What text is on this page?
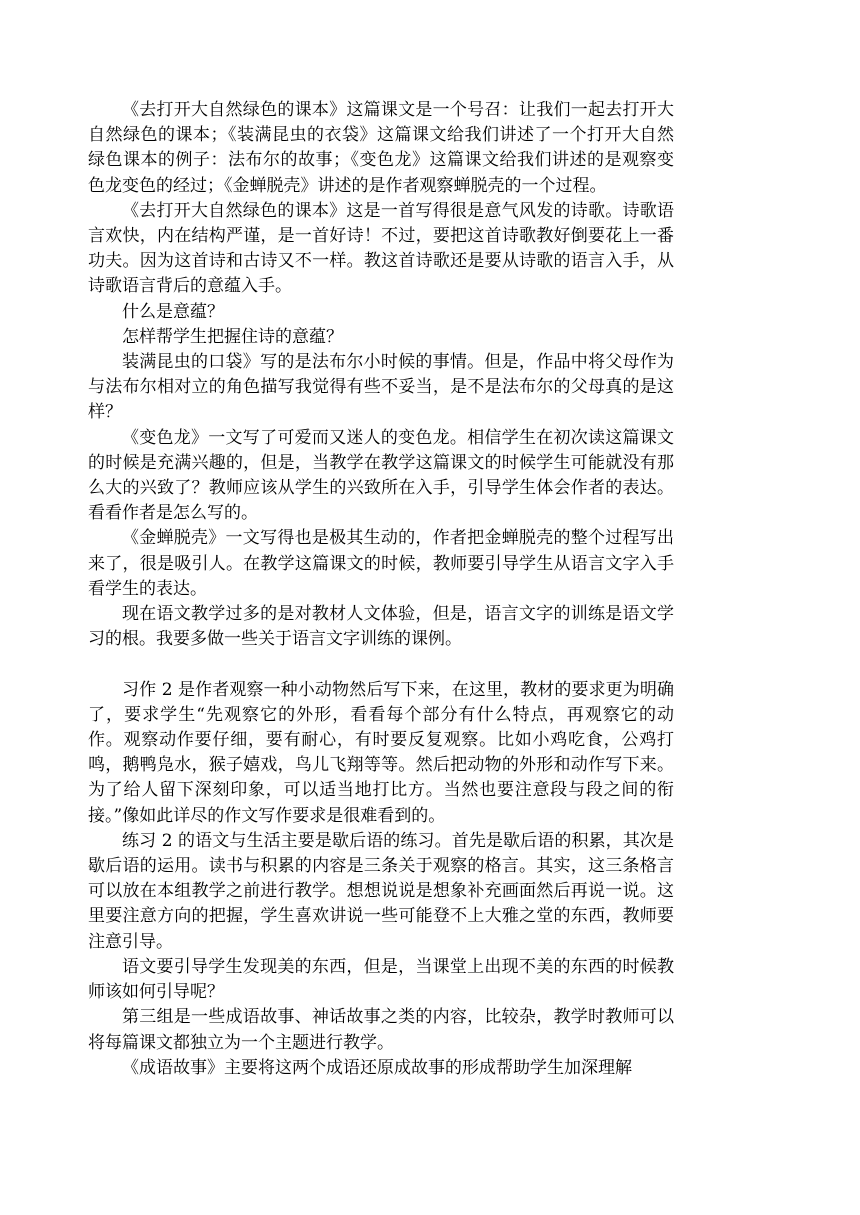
《去打开大自然绿色的课本》这篇课文是一个号召：让我们一起去打开大自然绿色的课本；《装满昆虫的衣袋》这篇课文给我们讲述了一个打开大自然绿色课本的例子：法布尔的故事；《变色龙》这篇课文给我们讲述的是观察变色龙变色的经过；《金蝉脱壳》讲述的是作者观察蝉脱壳的一个过程。

《去打开大自然绿色的课本》这是一首写得很是意气风发的诗歌。诗歌语言欢快，内在结构严谨，是一首好诗！不过，要把这首诗歌教好倒要花上一番功夫。因为这首诗和古诗又不一样。教这首诗歌还是要从诗歌的语言入手，从诗歌语言背后的意蕴入手。

什么是意蕴？

怎样帮学生把握住诗的意蕴？

装满昆虫的口袋》写的是法布尔小时候的事情。但是，作品中将父母作为与法布尔相对立的角色描写我觉得有些不妥当，是不是法布尔的父母真的是这样？

《变色龙》一文写了可爱而又迷人的变色龙。相信学生在初次读这篇课文的时候是充满兴趣的，但是，当教学在教学这篇课文的时候学生可能就没有那么大的兴致了？教师应该从学生的兴致所在入手，引导学生体会作者的表达。看看作者是怎么写的。

《金蝉脱壳》一文写得也是极其生动的，作者把金蝉脱壳的整个过程写出来了，很是吸引人。在教学这篇课文的时候，教师要引导学生从语言文字入手看学生的表达。

现在语文教学过多的是对教材人文体验，但是，语言文字的训练是语文学习的根。我要多做一些关于语言文字训练的课例。

习作 2 是作者观察一种小动物然后写下来，在这里，教材的要求更为明确了，要求学生“先观察它的外形，看看每个部分有什么特点，再观察它的动作。观察动作要仔细，要有耐心，有时要反复观察。比如小鸡吃食，公鸡打鸣，鹅鸭凫水，猴子嬉戏，鸟儿飞翔等等。然后把动物的外形和动作写下来。为了给人留下深刻印象，可以适当地打比方。当然也要注意段与段之间的衔接。”像如此详尽的作文写作要求是很难看到的。

练习 2 的语文与生活主要是歇后语的练习。首先是歇后语的积累，其次是歇后语的运用。读书与积累的内容是三条关于观察的格言。其实，这三条格言可以放在本组教学之前进行教学。想想说说是想象补充画面然后再说一说。这里要注意方向的把握，学生喜欢讲说一些可能登不上大雅之堂的东西，教师要注意引导。

语文要引导学生发现美的东西，但是，当课堂上出现不美的东西的时候教师该如何引导呢？

第三组是一些成语故事、神话故事之类的内容，比较杂，教学时教师可以将每篇课文都独立为一个主题进行教学。

《成语故事》主要将这两个成语还原成故事的形成帮助学生加深理解
